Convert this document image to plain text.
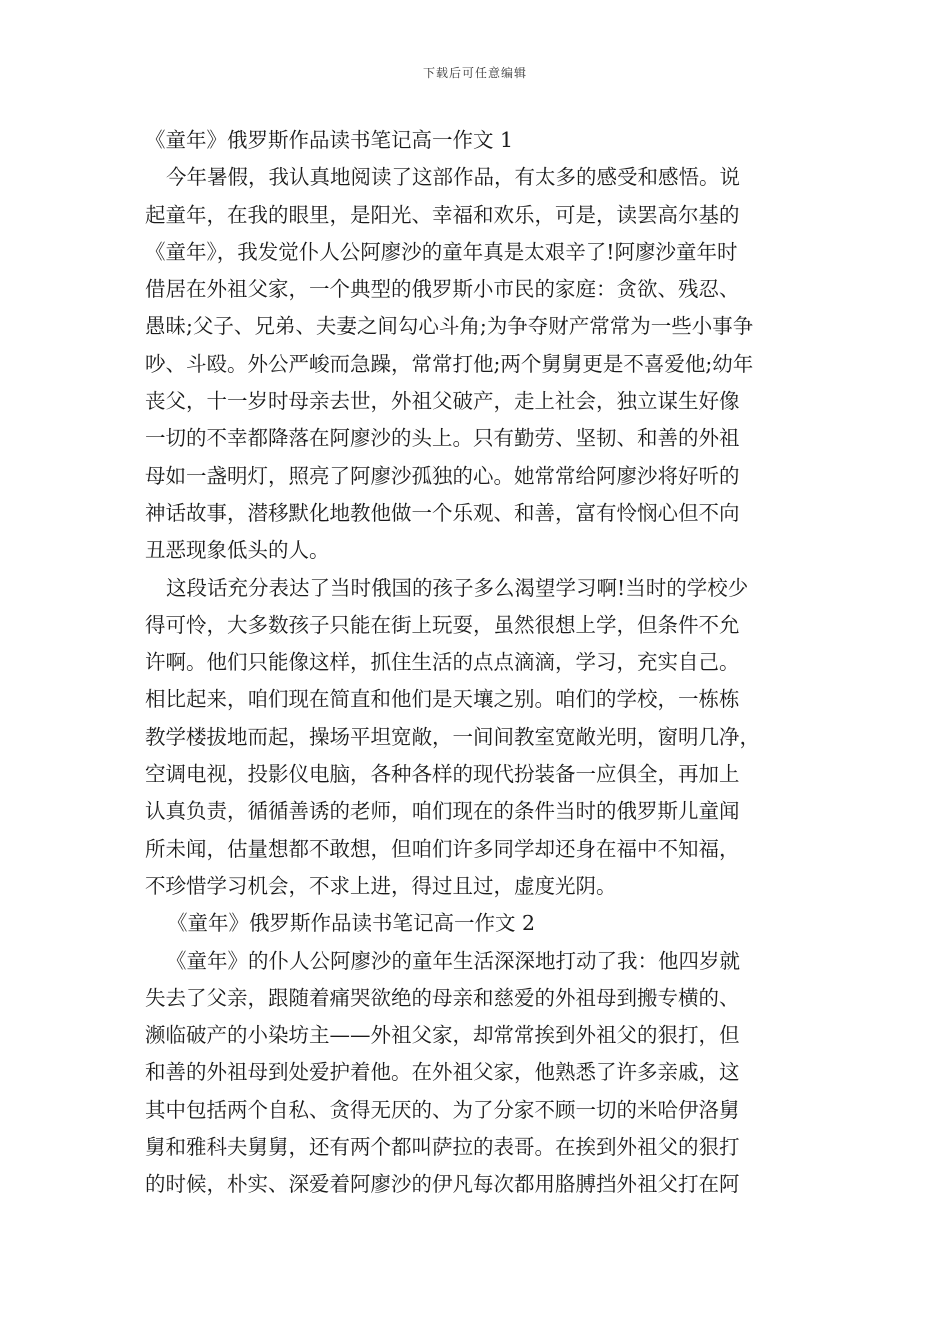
下载后可任意编辑
《童年》俄罗斯作品读书笔记高一作文 1
今年暑假，我认真地阅读了这部作品，有太多的感受和感悟。说
起童年，在我的眼里，是阳光、幸福和欢乐，可是，读罢高尔基的
《童年》，我发觉仆人公阿廖沙的童年真是太艰辛了!阿廖沙童年时
借居在外祖父家，一个典型的俄罗斯小市民的家庭：贪欲、残忍、
愚昧;父子、兄弟、夫妻之间勾心斗角;为争夺财产常常为一些小事争
吵、斗殴。外公严峻而急躁，常常打他;两个舅舅更是不喜爱他;幼年
丧父，十一岁时母亲去世，外祖父破产，走上社会，独立谋生好像
一切的不幸都降落在阿廖沙的头上。只有勤劳、坚韧、和善的外祖
母如一盏明灯，照亮了阿廖沙孤独的心。她常常给阿廖沙将好听的
神话故事，潜移默化地教他做一个乐观、和善，富有怜悯心但不向
丑恶现象低头的人。
这段话充分表达了当时俄国的孩子多么渴望学习啊!当时的学校少
得可怜，大多数孩子只能在街上玩耍，虽然很想上学，但条件不允
许啊。他们只能像这样，抓住生活的点点滴滴，学习，充实自己。
相比起来，咱们现在简直和他们是天壤之别。咱们的学校，一栋栋
教学楼拔地而起，操场平坦宽敞，一间间教室宽敞光明，窗明几净，
空调电视，投影仪电脑，各种各样的现代扮装备一应俱全，再加上
认真负责，循循善诱的老师，咱们现在的条件当时的俄罗斯儿童闻
所未闻，估量想都不敢想，但咱们许多同学却还身在福中不知福，
不珍惜学习机会，不求上进，得过且过，虚度光阴。
《童年》俄罗斯作品读书笔记高一作文 2
《童年》的仆人公阿廖沙的童年生活深深地打动了我：他四岁就
失去了父亲，跟随着痛哭欲绝的母亲和慈爱的外祖母到搬专横的、
濒临破产的小染坊主——外祖父家，却常常挨到外祖父的狠打，但
和善的外祖母到处爱护着他。在外祖父家，他熟悉了许多亲戚，这
其中包括两个自私、贪得无厌的、为了分家不顾一切的米哈伊洛舅
舅和雅科夫舅舅，还有两个都叫萨拉的表哥。在挨到外祖父的狠打
的时候，朴实、深爱着阿廖沙的伊凡每次都用胳膊挡外祖父打在阿
